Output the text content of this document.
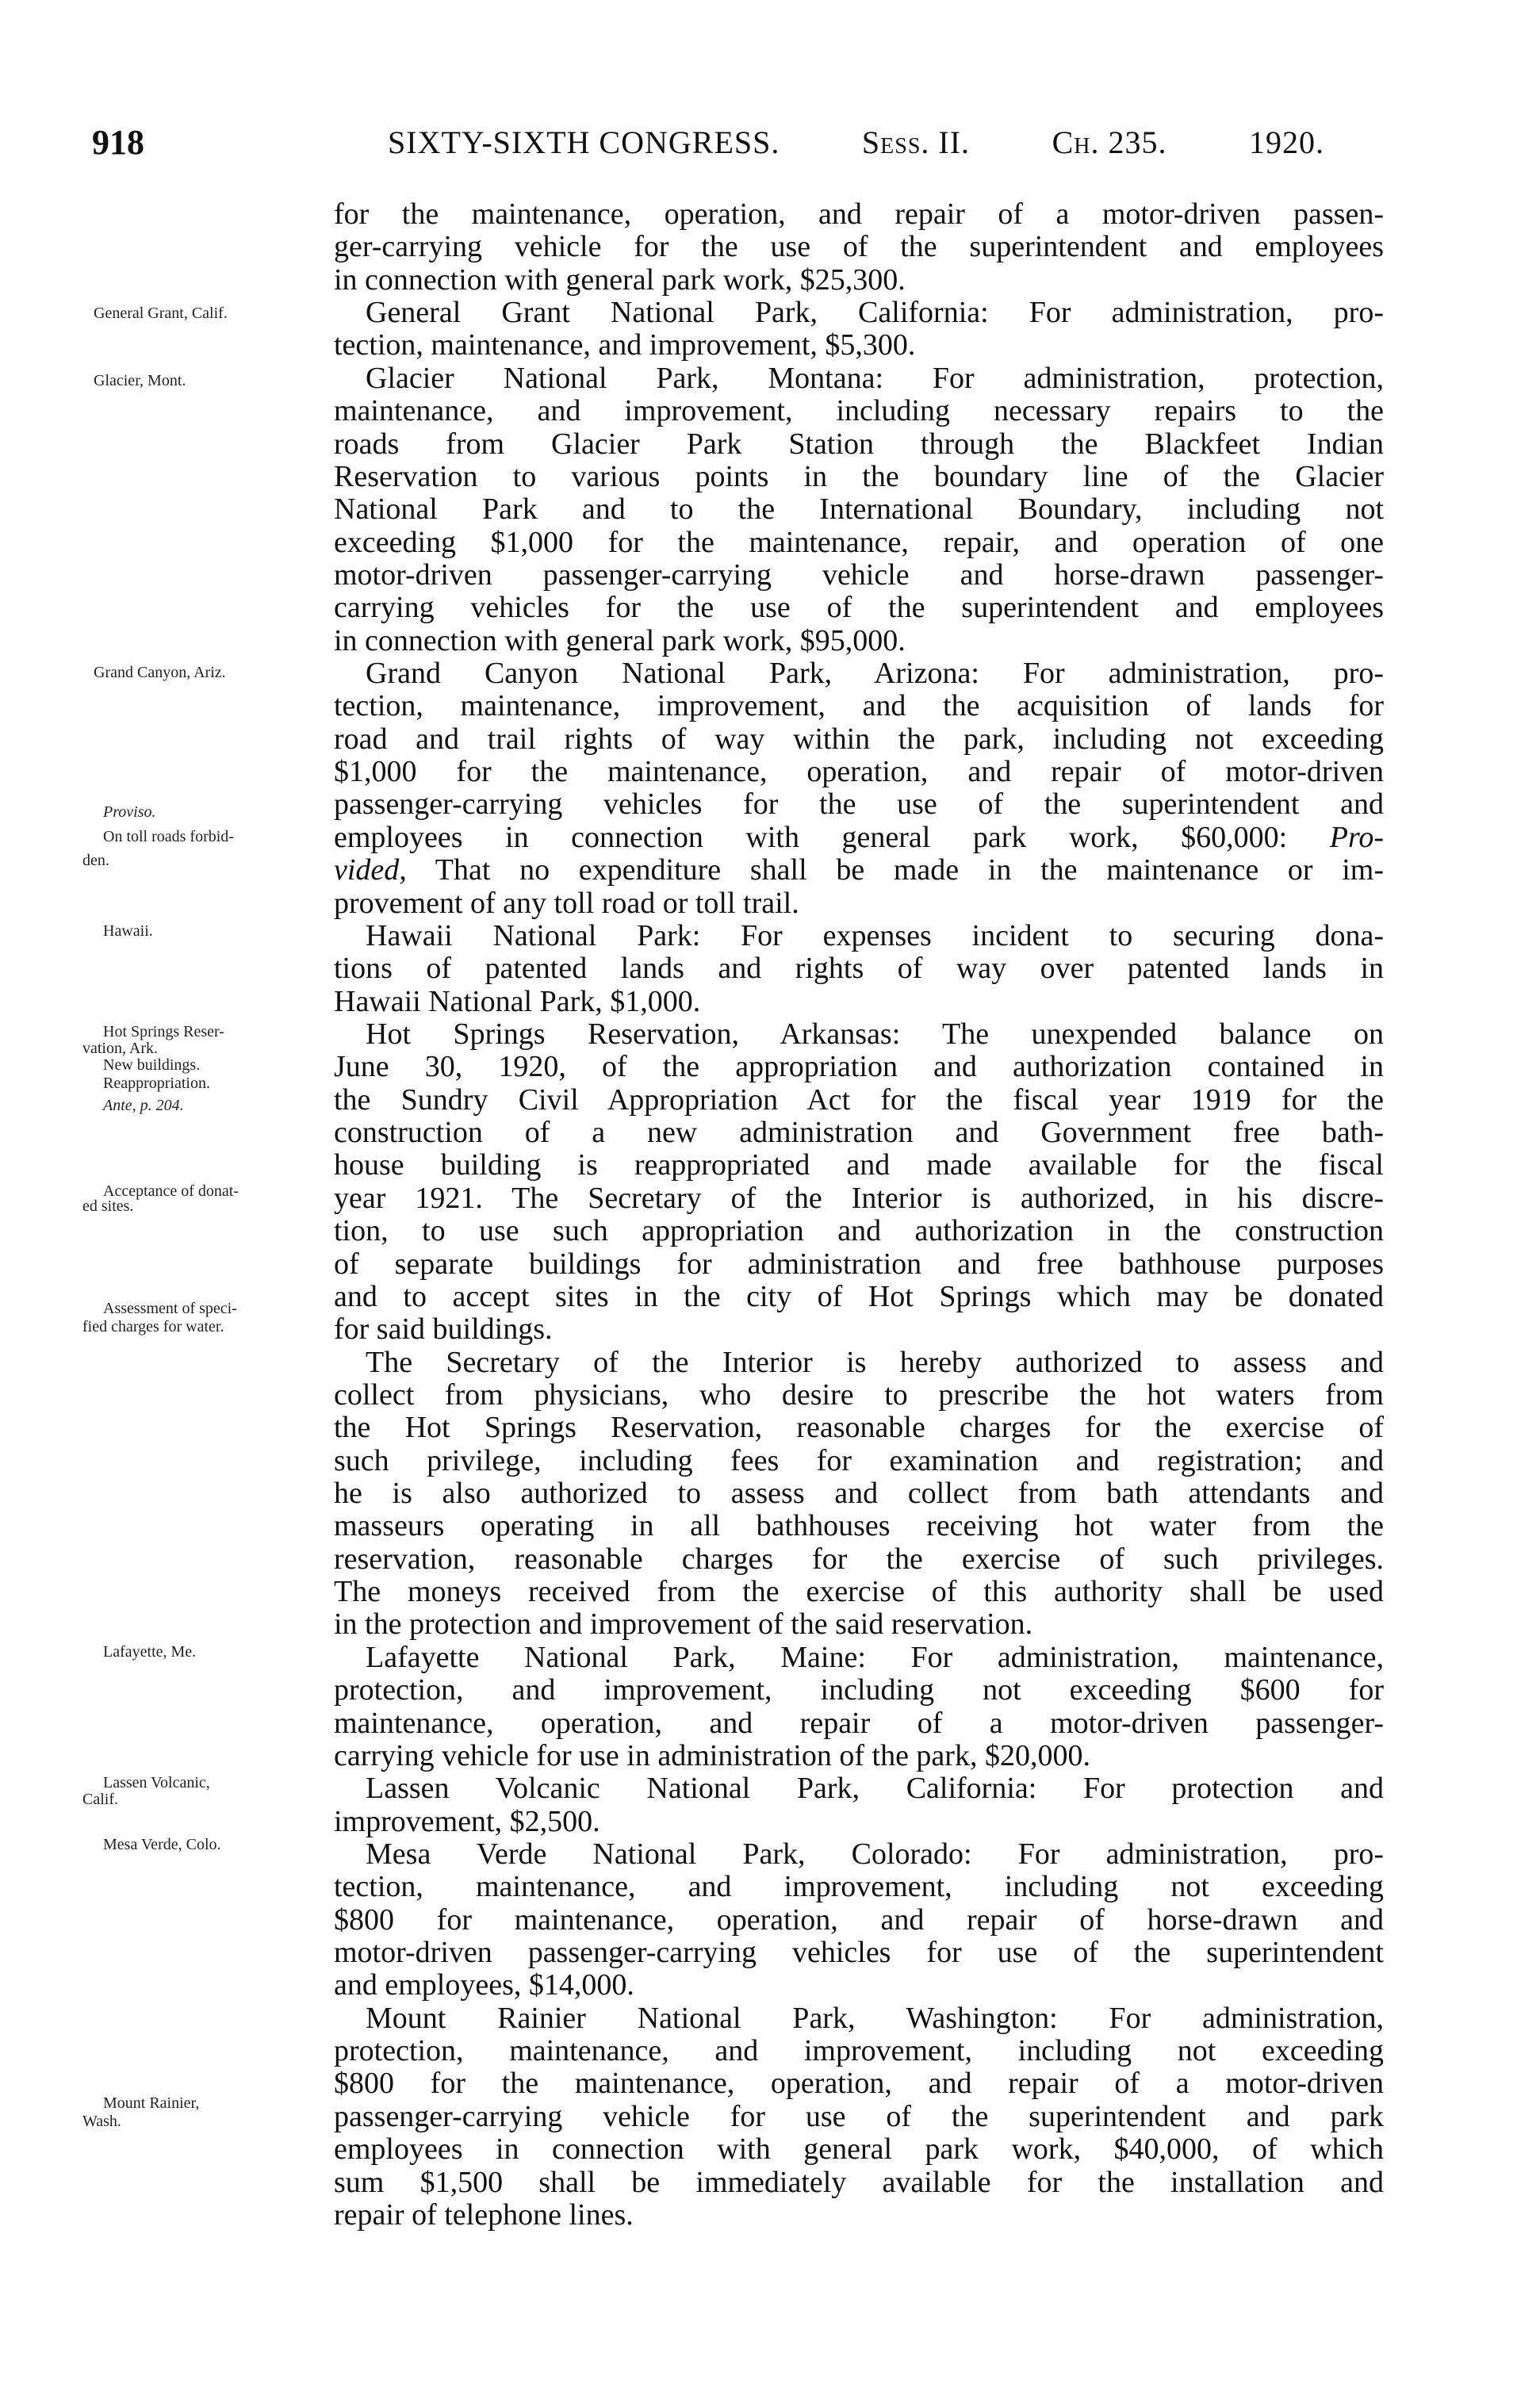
918	SIXTY-SIXTH CONGRESS.	Sess. II.	Ch. 235.	1920.
General Grant, Calif.
Glacier, Mont.
Grand Canyon, Ariz.
Proviso.
On toll roads forbid-
den.
Hawaii.
Hot Springs Reser-
vation, Ark.
New buildings.
Reappropriation.
Ante, p. 204.
Acceptance of donat-
ed sites.
Assessment of speci-
fied charges for water.
Lafayette, Me.
Lassen Volcanic,
Calif.
Mesa Verde, Colo.
Mount Rainier,
Wash.
for the maintenance, operation, and repair of a motor-driven passen-
ger-carrying vehicle for the use of the superintendent and employees
in connection with general park work, $25,300.
General Grant National Park, California: For administration, pro-
tection, maintenance, and improvement, $5,300.
Glacier National Park, Montana: For administration, protection,
maintenance, and improvement, including necessary repairs to the
roads from Glacier Park Station through the Blackfeet Indian
Reservation to various points in the boundary line of the Glacier
National Park and to the International Boundary, including not
exceeding $1,000 for the maintenance, repair, and operation of one
motor-driven passenger-carrying vehicle and horse-drawn passenger-
carrying vehicles for the use of the superintendent and employees
in connection with general park work, $95,000.
Grand Canyon National Park, Arizona: For administration, pro-
tection, maintenance, improvement, and the acquisition of lands for
road and trail rights of way within the park, including not exceeding
$1,000 for the maintenance, operation, and repair of motor-driven
passenger-carrying vehicles for the use of the superintendent and
employees in connection with general park work, $60,000: Pro-
vided, That no expenditure shall be made in the maintenance or im-
provement of any toll road or toll trail.
Hawaii National Park: For expenses incident to securing dona-
tions of patented lands and rights of way over patented lands in
Hawaii National Park, $1,000.
Hot Springs Reservation, Arkansas: The unexpended balance on
June 30, 1920, of the appropriation and authorization contained in
the Sundry Civil Appropriation Act for the fiscal year 1919 for the
construction of a new administration and Government free bath-
house building is reappropriated and made available for the fiscal
year 1921. The Secretary of the Interior is authorized, in his discre-
tion, to use such appropriation and authorization in the construction
of separate buildings for administration and free bathhouse purposes
and to accept sites in the city of Hot Springs which may be donated
for said buildings.
The Secretary of the Interior is hereby authorized to assess and
collect from physicians, who desire to prescribe the hot waters from
the Hot Springs Reservation, reasonable charges for the exercise of
such privilege, including fees for examination and registration; and
he is also authorized to assess and collect from bath attendants and
masseurs operating in all bathhouses receiving hot water from the
reservation, reasonable charges for the exercise of such privileges.
The moneys received from the exercise of this authority shall be used
in the protection and improvement of the said reservation.
Lafayette National Park, Maine: For administration, maintenance,
protection, and improvement, including not exceeding $600 for
maintenance, operation, and repair of a motor-driven passenger-
carrying vehicle for use in administration of the park, $20,000.
Lassen Volcanic National Park, California: For protection and
improvement, $2,500.
Mesa Verde National Park, Colorado: For administration, pro-
tection, maintenance, and improvement, including not exceeding
$800 for maintenance, operation, and repair of horse-drawn and
motor-driven passenger-carrying vehicles for use of the superintendent
and employees, $14,000.
Mount Rainier National Park, Washington: For administration,
protection, maintenance, and improvement, including not exceeding
$800 for the maintenance, operation, and repair of a motor-driven
passenger-carrying vehicle for use of the superintendent and park
employees in connection with general park work, $40,000, of which
sum $1,500 shall be immediately available for the installation and
repair of telephone lines.
